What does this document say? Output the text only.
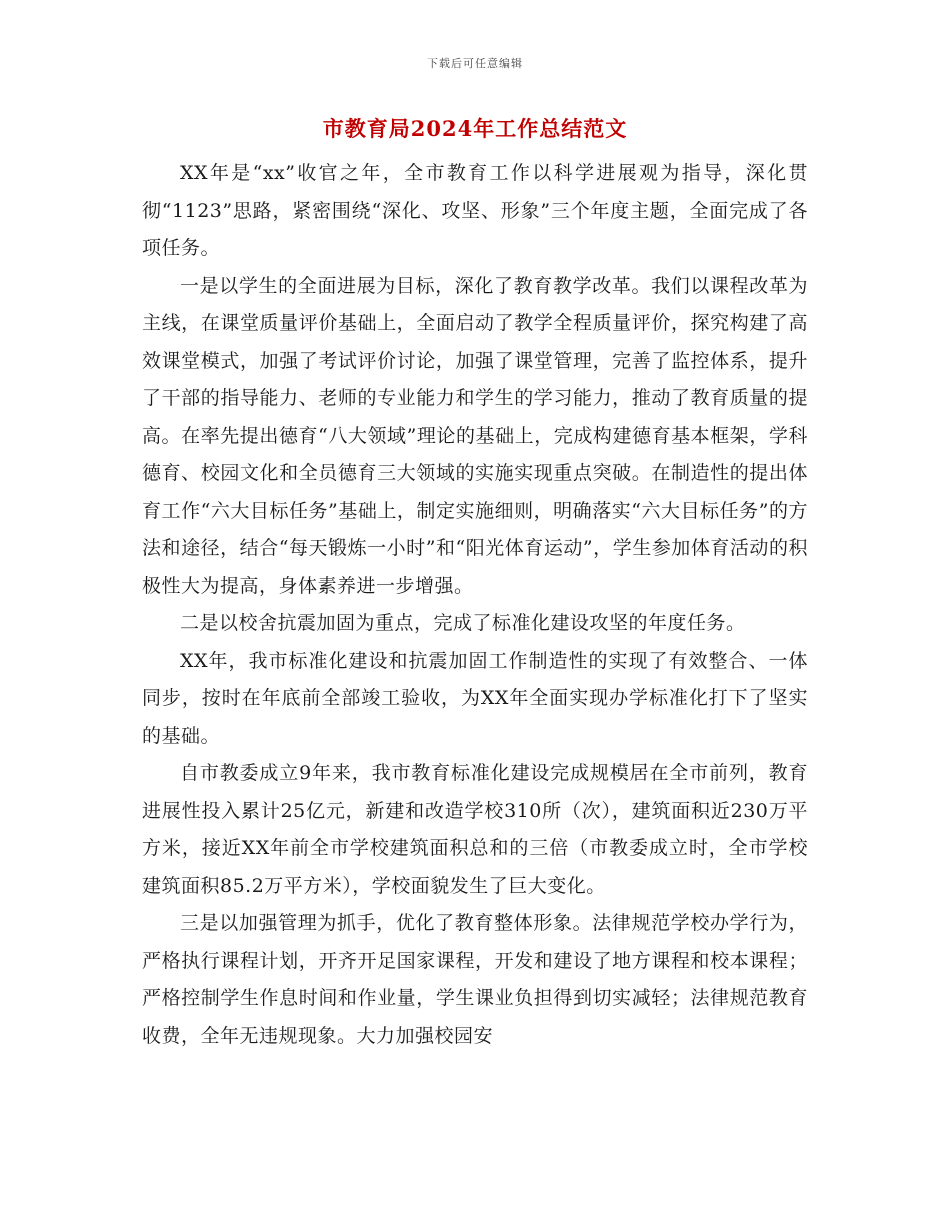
下载后可任意编辑
市教育局2024年工作总结范文

XX年是“xx”收官之年，全市教育工作以科学进展观为指导，深化贯彻“1123”思路，紧密围绕“深化、攻坚、形象”三个年度主题，全面完成了各项任务。

一是以学生的全面进展为目标，深化了教育教学改革。我们以课程改革为主线，在课堂质量评价基础上，全面启动了教学全程质量评价，探究构建了高效课堂模式，加强了考试评价讨论，加强了课堂管理，完善了监控体系，提升了干部的指导能力、老师的专业能力和学生的学习能力，推动了教育质量的提高。在率先提出德育“八大领域”理论的基础上，完成构建德育基本框架，学科德育、校园文化和全员德育三大领域的实施实现重点突破。在制造性的提出体育工作“六大目标任务”基础上，制定实施细则，明确落实“六大目标任务”的方法和途径，结合“每天锻炼一小时”和“阳光体育运动”，学生参加体育活动的积极性大为提高，身体素养进一步增强。

二是以校舍抗震加固为重点，完成了标准化建设攻坚的年度任务。

XX年，我市标准化建设和抗震加固工作制造性的实现了有效整合、一体同步，按时在年底前全部竣工验收，为XX年全面实现办学标准化打下了坚实的基础。

自市教委成立9年来，我市教育标准化建设完成规模居在全市前列，教育进展性投入累计25亿元，新建和改造学校310所（次），建筑面积近230万平方米，接近XX年前全市学校建筑面积总和的三倍（市教委成立时，全市学校建筑面积85.2万平方米），学校面貌发生了巨大变化。

三是以加强管理为抓手，优化了教育整体形象。法律规范学校办学行为，严格执行课程计划，开齐开足国家课程，开发和建设了地方课程和校本课程；严格控制学生作息时间和作业量，学生课业负担得到切实减轻；法律规范教育收费，全年无违规现象。大力加强校园安
